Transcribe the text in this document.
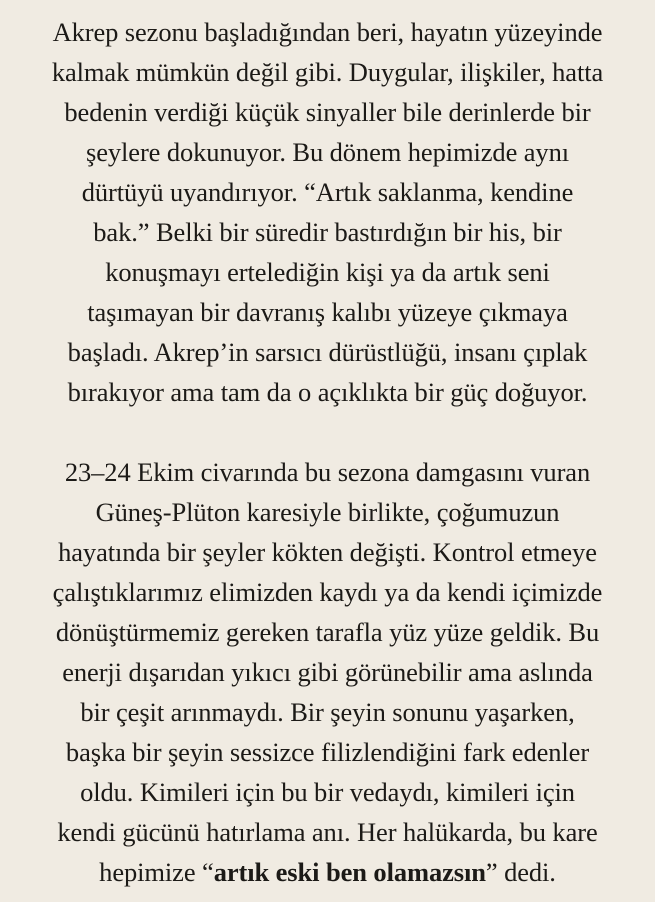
Akrep sezonu başladığından beri, hayatın yüzeyinde
kalmak mümkün değil gibi. Duygular, ilişkiler, hatta
bedenin verdiği küçük sinyaller bile derinlerde bir
şeylere dokunuyor. Bu dönem hepimizde aynı
dürtüyü uyandırıyor. “Artık saklanma, kendine
bak.” Belki bir süredir bastırdığın bir his, bir
konuşmayı ertelediğin kişi ya da artık seni
taşımayan bir davranış kalıbı yüzeye çıkmaya
başladı. Akrep’in sarsıcı dürüstlüğü, insanı çıplak
bırakıyor ama tam da o açıklıkta bir güç doğuyor.

23–24 Ekim civarında bu sezona damgasını vuran
Güneş-Plüton karesiyle birlikte, çoğumuzun
hayatında bir şeyler kökten değişti. Kontrol etmeye
çalıştıklarımız elimizden kaydı ya da kendi içimizde
dönüştürmemiz gereken tarafla yüz yüze geldik. Bu
enerji dışarıdan yıkıcı gibi görünebilir ama aslında
bir çeşit arınmaydı. Bir şeyin sonunu yaşarken,
başka bir şeyin sessizce filizlendiğini fark edenler
oldu. Kimileri için bu bir vedaydı, kimileri için
kendi gücünü hatırlama anı. Her halükarda, bu kare
hepimize “artık eski ben olamazsın” dedi.
